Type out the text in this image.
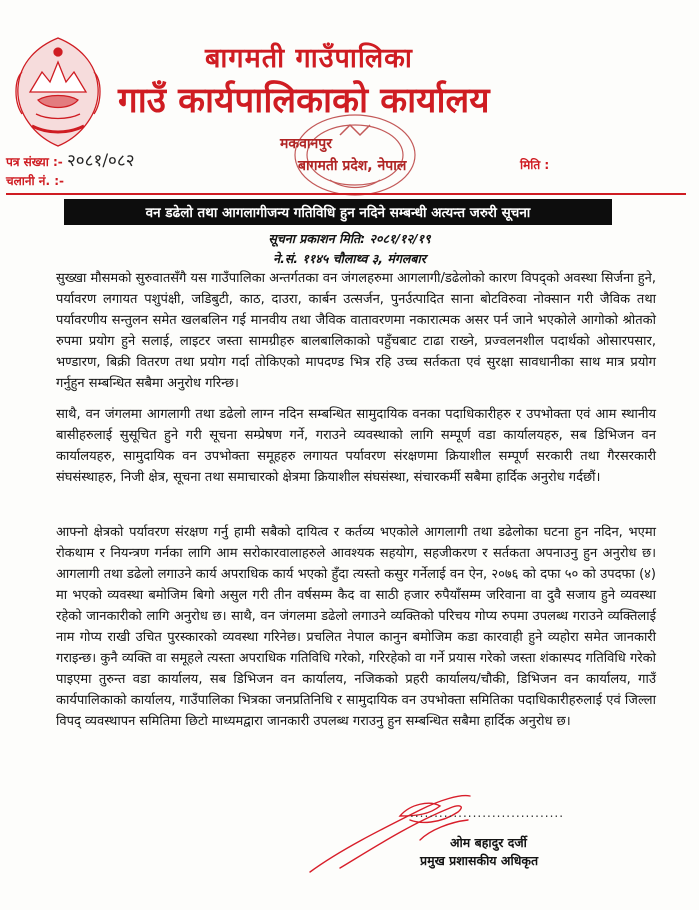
बागमती गाउँपालिका
गाउँ कार्यपालिकाको कार्यालय
मकवानपुर
बागमती प्रदेश, नेपाल
पत्र संख्या :- २०८१/०८२
चलानी नं. :-
मिति :
वन डढेलो तथा आगलागीजन्य गतिविधि हुन नदिने सम्बन्धी अत्यन्त जरुरी सूचना
सूचना प्रकाशन मिति: २०८१/१२/१९
ने.सं. ११४५ चौलाथ्व ३, मंगलबार

सुख्खा मौसमको सुरुवातसँगै यस गाउँपालिका अन्तर्गतका वन जंगलहरुमा आगलागी/डढेलोको कारण विपद्को अवस्था सिर्जना हुने, पर्यावरण लगायत पशुपंक्षी, जडिबुटी, काठ, दाउरा, कार्बन उत्सर्जन, पुनर्उत्पादित साना बोटविरुवा नोक्सान गरी जैविक तथा पर्यावरणीय सन्तुलन समेत खलबलिन गई मानवीय तथा जैविक वातावरणमा नकारात्मक असर पर्न जाने भएकोले आगोको श्रोतको रुपमा प्रयोग हुने सलाई, लाइटर जस्ता सामग्रीहरु बालबालिकाको पहुँचबाट टाढा राख्ने, प्रज्वलनशील पदार्थको ओसारपसार, भण्डारण, बिक्री वितरण तथा प्रयोग गर्दा तोकिएको मापदण्ड भित्र रहि उच्च सर्तकता एवं सुरक्षा सावधानीका साथ मात्र प्रयोग गर्नुहुन सम्बन्धित सबैमा अनुरोध गरिन्छ।

साथै, वन जंगलमा आगलागी तथा डढेलो लाग्न नदिन सम्बन्धित सामुदायिक वनका पदाधिकारीहरु र उपभोक्ता एवं आम स्थानीय बासीहरुलाई सुसूचित हुने गरी सूचना सम्प्रेषण गर्ने, गराउने व्यवस्थाको लागि सम्पूर्ण वडा कार्यालयहरु, सब डिभिजन वन कार्यालयहरु, सामुदायिक वन उपभोक्ता समूहहरु लगायत पर्यावरण संरक्षणमा क्रियाशील सम्पूर्ण सरकारी तथा गैरसरकारी संघसंस्थाहरु, निजी क्षेत्र, सूचना तथा समाचारको क्षेत्रमा क्रियाशील संघसंस्था, संचारकर्मी सबैमा हार्दिक अनुरोध गर्दछौं।

आफ्नो क्षेत्रको पर्यावरण संरक्षण गर्नु हामी सबैको दायित्व र कर्तव्य भएकोले आगलागी तथा डढेलोका घटना हुन नदिन, भएमा रोकथाम र नियन्त्रण गर्नका लागि आम सरोकारवालाहरुले आवश्यक सहयोग, सहजीकरण र सर्तकता अपनाउनु हुन अनुरोध छ। आगलागी तथा डढेलो लगाउने कार्य अपराधिक कार्य भएको हुँदा त्यस्तो कसुर गर्नेलाई वन ऐन, २०७६ को दफा ५० को उपदफा (४) मा भएको व्यवस्था बमोजिम बिगो असुल गरी तीन वर्षसम्म कैद वा साठी हजार रुपैयाँसम्म जरिवाना वा दुवै सजाय हुने व्यवस्था रहेको जानकारीको लागि अनुरोध छ। साथै, वन जंगलमा डढेलो लगाउने व्यक्तिको परिचय गोप्य रुपमा उपलब्ध गराउने व्यक्तिलाई नाम गोप्य राखी उचित पुरस्कारको व्यवस्था गरिनेछ। प्रचलित नेपाल कानुन बमोजिम कडा कारवाही हुने व्यहोरा समेत जानकारी गराइन्छ। कुनै व्यक्ति वा समूहले त्यस्ता अपराधिक गतिविधि गरेको, गरिरहेको वा गर्ने प्रयास गरेको जस्ता शंकास्पद गतिविधि गरेको पाइएमा तुरुन्त वडा कार्यालय, सब डिभिजन वन कार्यालय, नजिकको प्रहरी कार्यालय/चौकी, डिभिजन वन कार्यालय, गाउँ कार्यपालिकाको कार्यालय, गाउँपालिका भित्रका जनप्रतिनिधि र सामुदायिक वन उपभोक्ता समितिका पदाधिकारीहरुलाई एवं जिल्ला विपद् व्यवस्थापन समितिमा छिटो माध्यमद्वारा जानकारी उपलब्ध गराउनु हुन सम्बन्धित सबैमा हार्दिक अनुरोध छ।

................................
ओम बहादुर दर्जी
प्रमुख प्रशासकीय अधिकृत
